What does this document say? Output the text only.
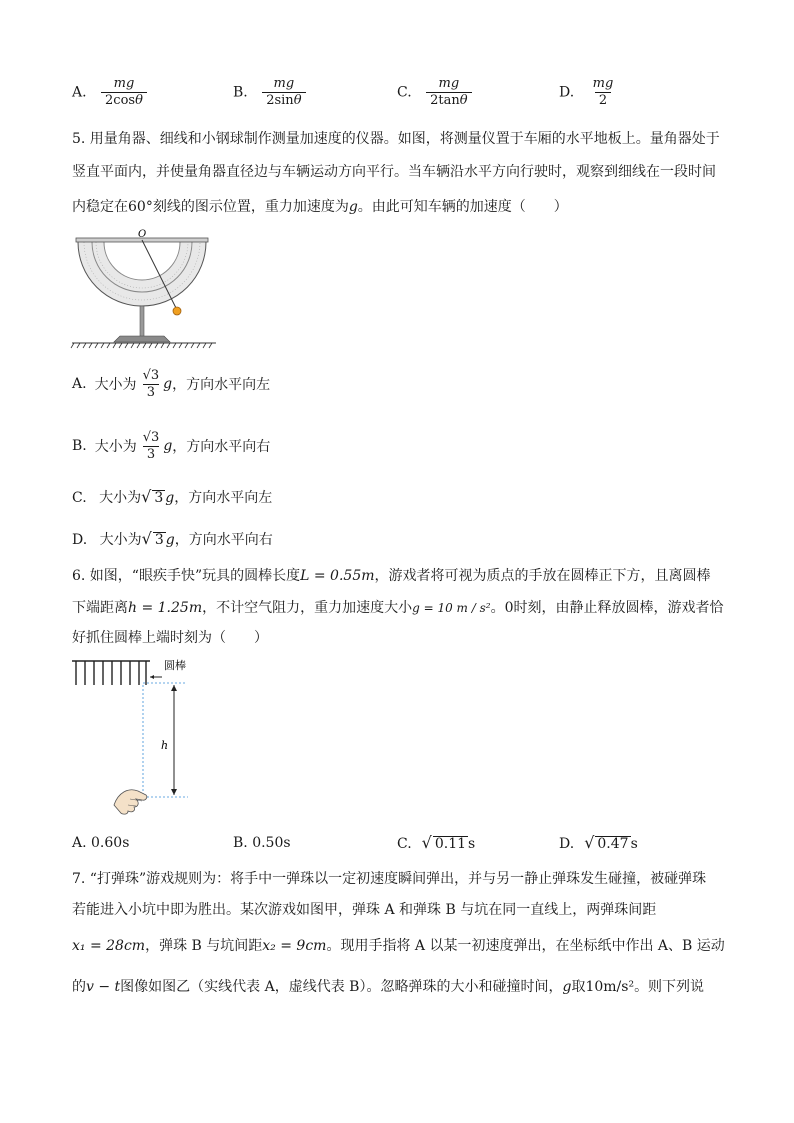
A. $\frac{mg}{2\cos\theta}$	B. $\frac{mg}{2\sin\theta}$	C. $\frac{mg}{2\tan\theta}$	D. $\frac{mg}{2}$
5. 用量角器、细线和小钢球制作测量加速度的仪器。如图，将测量仪置于车厢的水平地板上。量角器处于
竖直平面内，并使量角器直径边与车辆运动方向平行。当车辆沿水平方向行驶时，观察到细线在一段时间
内稳定在60°刻线的图示位置，重力加速度为g。由此可知车辆的加速度（　　）
O
A. 大小为 $\frac{√3}{3}$ g ，方向水平向左
B. 大小为 $\frac{√3}{3}$ g ，方向水平向右
C. 大小为√ 3 g，方向水平向左
D. 大小为√ 3 g，方向水平向右
6. 如图，“眼疾手快”玩具的圆棒长度L = 0.55m，游戏者将可视为质点的手放在圆棒正下方，且离圆棒
下端距离h = 1.25m，不计空气阻力，重力加速度大小g = 10 m / s²。0时刻，由静止释放圆棒，游戏者恰
好抓住圆棒上端时刻为（　　）
圆棒
h
A. 0.60s	B. 0.50s	C. √ 0.11 s	D. √ 0.47 s
7. “打弹珠”游戏规则为：将手中一弹珠以一定初速度瞬间弹出，并与另一静止弹珠发生碰撞，被碰弹珠
若能进入小坑中即为胜出。某次游戏如图甲，弹珠 A 和弹珠 B 与坑在同一直线上，两弹珠间距
x₁ = 28cm，弹珠 B 与坑间距x₂ = 9cm。现用手指将 A 以某一初速度弹出，在坐标纸中作出 A、B 运动
的v − t图像如图乙（实线代表 A，虚线代表 B）。忽略弹珠的大小和碰撞时间，g取10m/s²。则下列说
